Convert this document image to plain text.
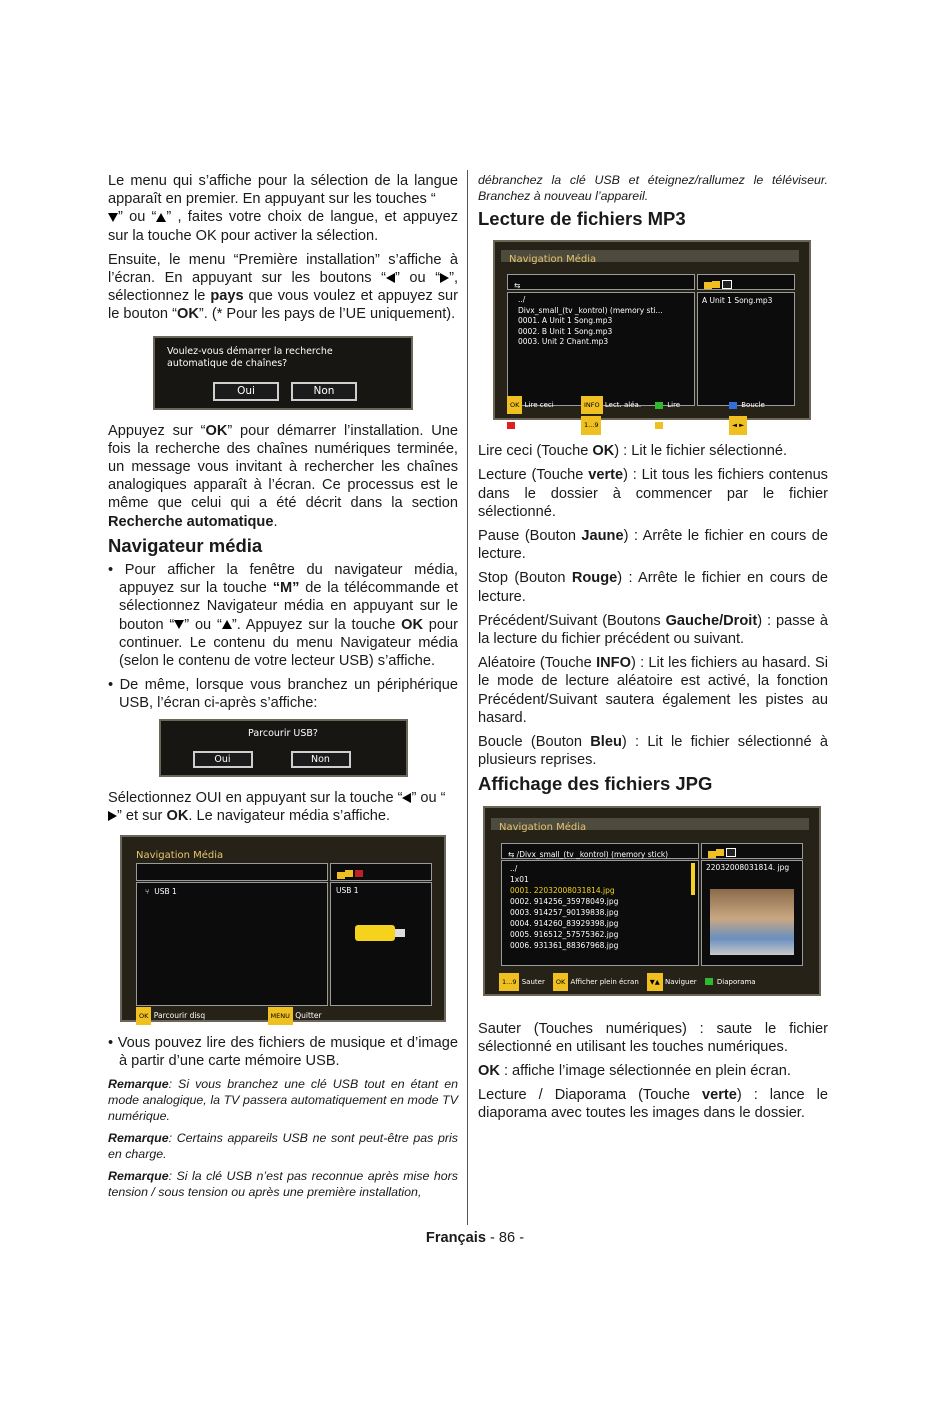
Le menu qui s’affiche pour la sélection de la langue apparaît en premier. En appuyant sur les touches “
” ou “ ” , faites votre choix de langue, et appuyez sur la touche OK pour activer la sélection.

Ensuite, le menu “Première installation” s’affiche à l’écran. En appuyant sur les boutons “ ” ou “ ”, sélectionnez le pays que vous voulez et appuyez sur le bouton “OK”. (* Pour les pays de l’UE uniquement).

Voulez-vous démarrer la recherche automatique de chaînes?
Oui	Non

Appuyez sur “OK” pour démarrer l’installation. Une fois la recherche des chaînes numériques terminée, un message vous invitant à rechercher les chaînes analogiques apparaît à l’écran. Ce processus est le même que celui qui a été décrit dans la section Recherche automatique.

Navigateur média

• Pour afficher la fenêtre du navigateur média, appuyez sur la touche “M” de la télécommande et sélectionnez Navigateur média en appuyant sur le bouton “ ” ou “ ”. Appuyez sur la touche OK pour continuer. Le contenu du menu Navigateur média (selon le contenu de votre lecteur USB) s’affiche.

• De même, lorsque vous branchez un périphérique USB, l’écran ci-après s’affiche:

Parcourir USB?
Oui	Non

Sélectionnez OUI en appuyant sur la touche “ ” ou “
” et sur OK. Le navigateur média s’affiche.

Navigation Média
⑂  USB 1	USB 1
OK Parcourir disq	MENU Quitter

• Vous pouvez lire des fichiers de musique et d’image à partir d’une carte mémoire USB.

Remarque: Si vous branchez une clé USB tout en étant en mode analogique, la TV passera automatiquement en mode TV numérique.

Remarque: Certains appareils USB ne sont peut-être pas pris en charge.

Remarque: Si la clé USB n’est pas reconnue après mise hors tension / sous tension ou après une première installation,

débranchez la clé USB et éteignez/rallumez le téléviseur. Branchez à nouveau l’appareil.

Lecture de fichiers MP3
Navigation Média
⇆
../
Divx_small_(tv _kontrol) (memory sti...
0001. A Unit 1 Song.mp3
0002. B Unit 1 Song.mp3
0003. Unit 2 Chant.mp3
A Unit 1 Song.mp3
OK Lire ceci	INFO Lect. aléa.	Lire	Boucle Stop	1...9 Sauter	Pause	◄ ► Précédent/Suivant

Lire ceci (Touche OK) : Lit le fichier sélectionné.

Lecture (Touche verte) : Lit tous les fichiers contenus dans le dossier à commencer par le fichier sélectionné.

Pause (Bouton Jaune) : Arrête le fichier en cours de lecture.

Stop (Bouton Rouge) : Arrête le fichier en cours de lecture.

Précédent/Suivant (Boutons Gauche/Droit) : passe à la lecture du fichier précédent ou suivant.

Aléatoire (Touche INFO) : Lit les fichiers au hasard. Si le mode de lecture aléatoire est activé, la fonction Précédent/Suivant sautera également les pistes au hasard.

Boucle (Bouton Bleu) : Lit le fichier sélectionné à plusieurs reprises.

Affichage des fichiers JPG
Navigation Média
⇆ /Divx_small_(tv _kontrol) (memory stick)
../
1x01
0001. 22032008031814.jpg
0002. 914256_35978049.jpg
0003. 914257_90139838.jpg
0004. 914260_83929398.jpg
0005. 916512_57575362.jpg
0006. 931361_88367968.jpg
22032008031814. jpg
1...9 Sauter OK Afficher plein écran ▼▲ Naviguer	Diaporama

Sauter (Touches numériques) : saute le fichier sélectionné en utilisant les touches numériques.

OK : affiche l’image sélectionnée en plein écran.

Lecture / Diaporama (Touche verte) : lance le diaporama avec toutes les images dans le dossier.

Français - 86 -
